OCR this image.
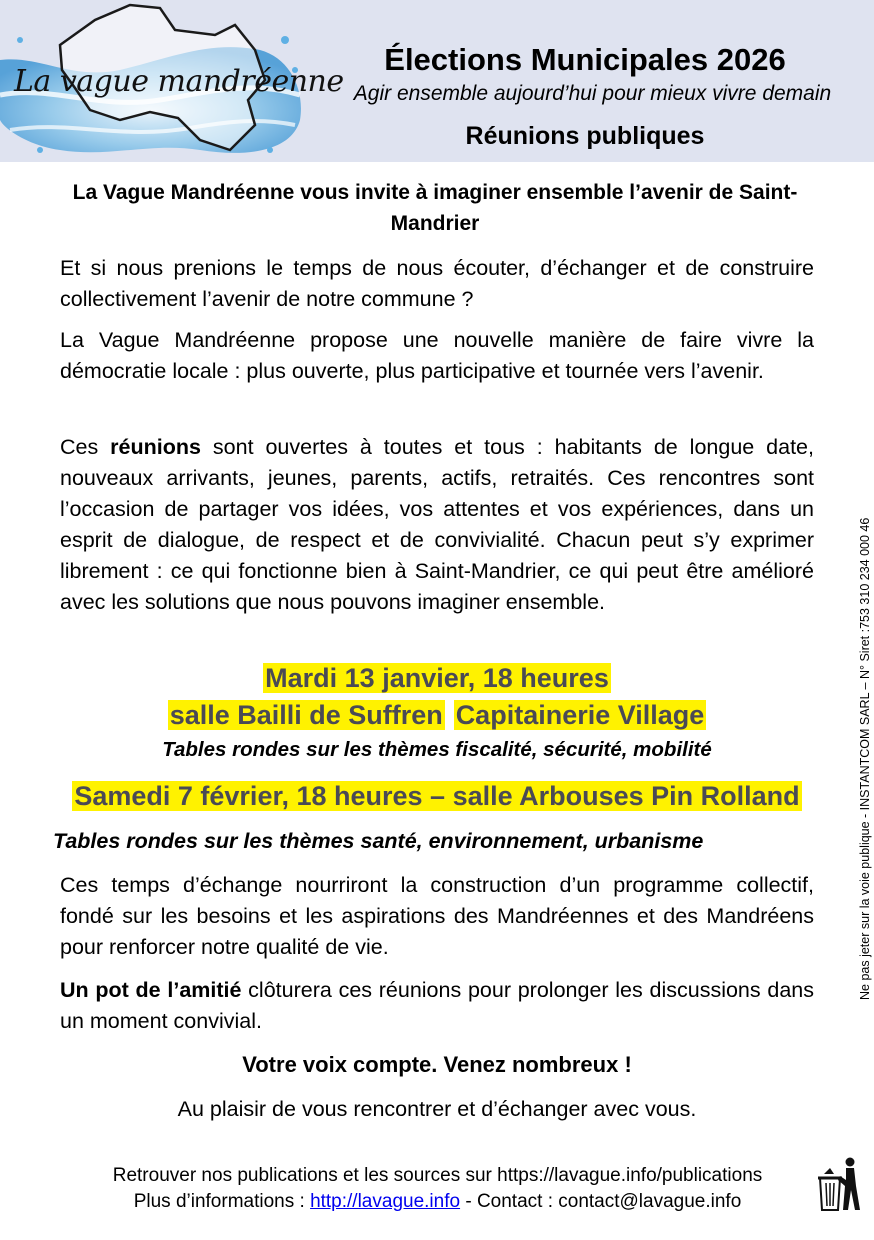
La vague mandréenne
Élections Municipales 2026
Agir ensemble aujourd’hui pour mieux vivre demain
Réunions publiques
La Vague Mandréenne vous invite à imaginer ensemble l’avenir de Saint-Mandrier

Et si nous prenions le temps de nous écouter, d’échanger et de construire collectivement l’avenir de notre commune ?

La Vague Mandréenne propose une nouvelle manière de faire vivre la démocratie locale : plus ouverte, plus participative et tournée vers l’avenir.

Ces réunions sont ouvertes à toutes et tous : habitants de longue date, nouveaux arrivants, jeunes, parents, actifs, retraités. Ces rencontres sont l’occasion de partager vos idées, vos attentes et vos expériences, dans un esprit de dialogue, de respect et de convivialité. Chacun peut s’y exprimer librement : ce qui fonctionne bien à Saint-Mandrier, ce qui peut être amélioré avec les solutions que nous pouvons imaginer ensemble.

Mardi 13 janvier, 18 heures
salle Bailli de Suffren Capitainerie Village
Tables rondes sur les thèmes fiscalité, sécurité, mobilité
Samedi 7 février, 18 heures – salle Arbouses Pin Rolland
Tables rondes sur les thèmes santé, environnement, urbanisme

Ces temps d’échange nourriront la construction d’un programme collectif, fondé sur les besoins et les aspirations des Mandréennes et des Mandréens pour renforcer notre qualité de vie.

Un pot de l’amitié clôturera ces réunions pour prolonger les discussions dans un moment convivial.

Votre voix compte. Venez nombreux !
Au plaisir de vous rencontrer et d’échanger avec vous.
Retrouver nos publications et les sources sur https://lavague.info/publications
Plus d’informations : http://lavague.info - Contact : contact@lavague.info
Ne pas jeter sur la voie publique - INSTANTCOM SARL – N° Siret :753 310 234 000 46
